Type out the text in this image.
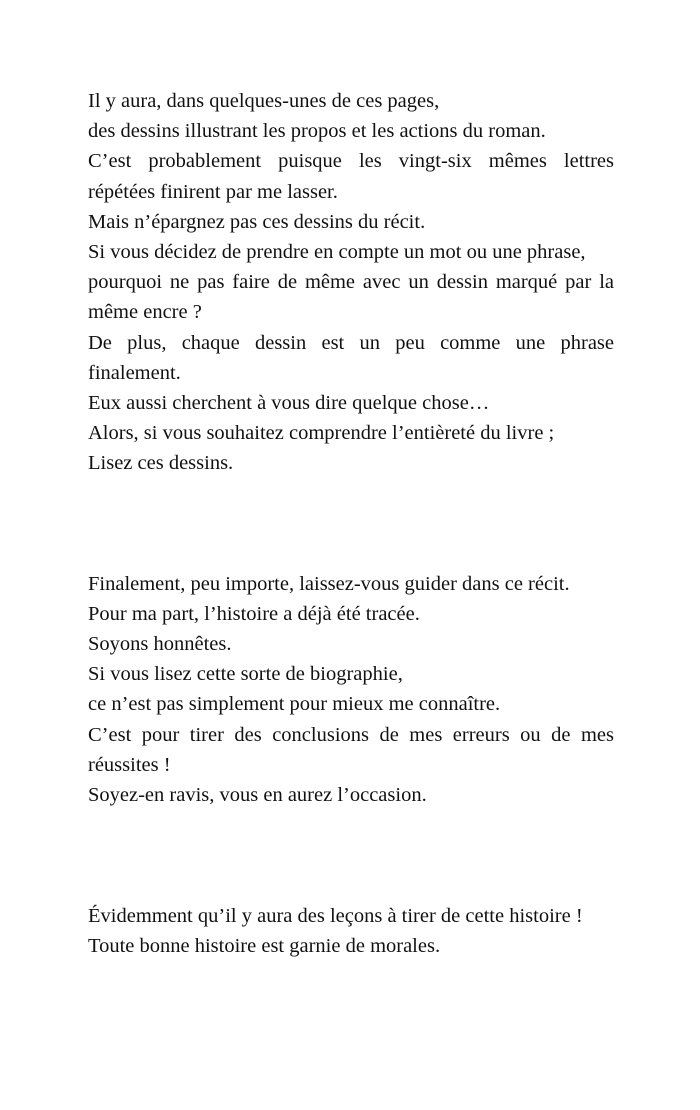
Il y aura, dans quelques-unes de ces pages,

des dessins illustrant les propos et les actions du roman.

C’est probablement puisque les vingt-six mêmes lettres répétées finirent par me lasser.

Mais n’épargnez pas ces dessins du récit.

Si vous décidez de prendre en compte un mot ou une phrase,

pourquoi ne pas faire de même avec un dessin marqué par la même encre ?

De plus, chaque dessin est un peu comme une phrase finalement.

Eux aussi cherchent à vous dire quelque chose…

Alors, si vous souhaitez comprendre l’entièreté du livre ;

Lisez ces dessins.

Finalement, peu importe, laissez-vous guider dans ce récit.

Pour ma part, l’histoire a déjà été tracée.

Soyons honnêtes.

Si vous lisez cette sorte de biographie,

ce n’est pas simplement pour mieux me connaître.

C’est pour tirer des conclusions de mes erreurs ou de mes réussites !

Soyez-en ravis, vous en aurez l’occasion.

Évidemment qu’il y aura des leçons à tirer de cette histoire !

Toute bonne histoire est garnie de morales.
